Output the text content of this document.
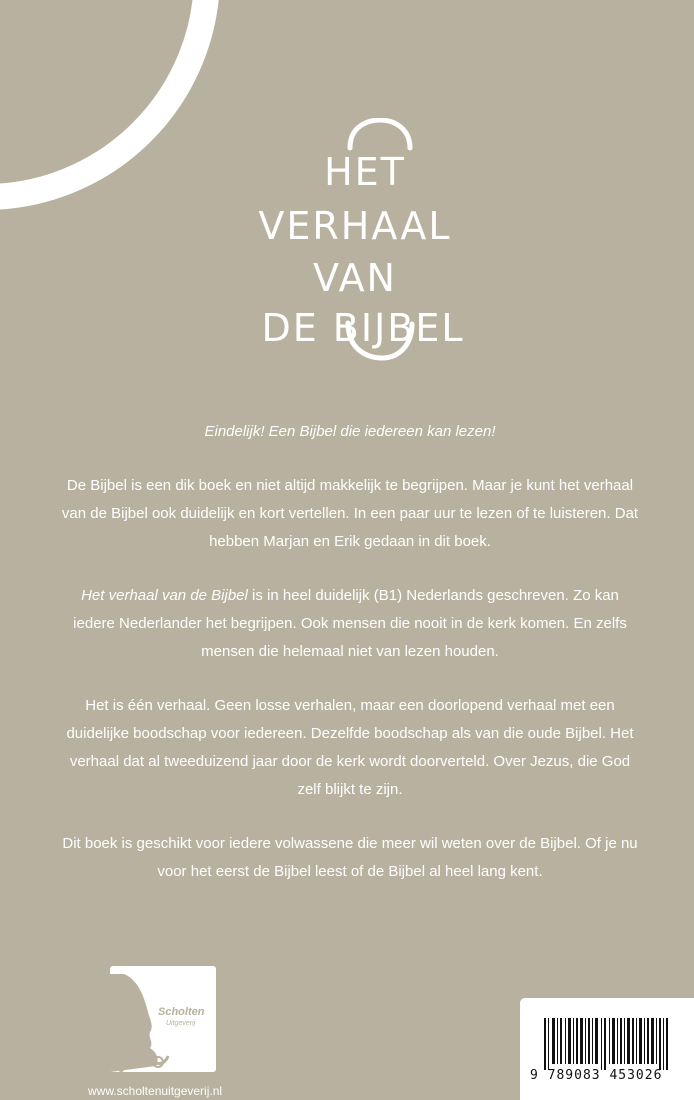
HET
VERHAAL
VAN
DE BIJBEL

Eindelijk! Een Bijbel die iedereen kan lezen!

De Bijbel is een dik boek en niet altijd makkelijk te begrijpen. Maar je kunt het verhaal van de Bijbel ook duidelijk en kort vertellen. In een paar uur te lezen of te luisteren. Dat hebben Marjan en Erik gedaan in dit boek.

Het verhaal van de Bijbel is in heel duidelijk (B1) Nederlands geschreven. Zo kan iedere Nederlander het begrijpen. Ook mensen die nooit in de kerk komen. En zelfs mensen die helemaal niet van lezen houden.

Het is één verhaal. Geen losse verhalen, maar een doorlopend verhaal met een duidelijke boodschap voor iedereen. Dezelfde boodschap als van die oude Bijbel. Het verhaal dat al tweeduizend jaar door de kerk wordt doorverteld. Over Jezus, die God zelf blijkt te zijn.

Dit boek is geschikt voor iedere volwassene die meer wil weten over de Bijbel. Of je nu voor het eerst de Bijbel leest of de Bijbel al heel lang kent.

Scholten
Uitgeverij
www.scholtenuitgeverij.nl
9 789083 453026
